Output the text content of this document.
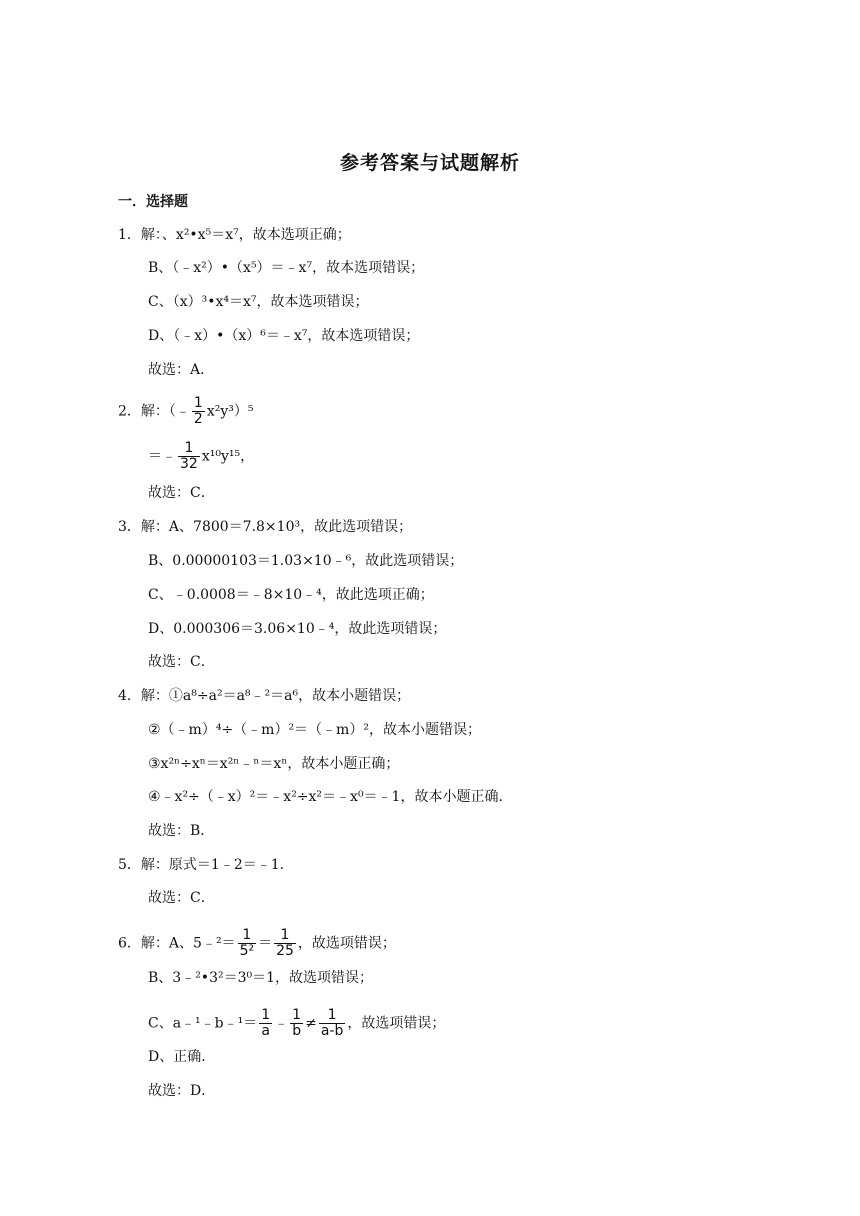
参考答案与试题解析
一．选择题
1．解：、x²•x⁵＝x⁷，故本选项正确；
B、（﹣x²）•（x⁵）＝﹣x⁷，故本选项错误；
C、（x）³•x⁴＝x⁷，故本选项错误；
D、（﹣x）•（x）⁶＝﹣x⁷，故本选项错误；
故选：A．
2．解：（﹣ $\frac{1}{2} x^2y^3)^5$
＝﹣ $\frac{1}{32} x^{10}y^{15}$，
故选：C．
3．解：A、7800＝7.8×10³，故此选项错误；
B、0.00000103＝1.03×10﹣⁶，故此选项错误；
C、﹣0.0008＝﹣8×10﹣⁴，故此选项正确；
D、0.000306＝3.06×10﹣⁴，故此选项错误；
故选：C．
4．解：①a⁸÷a²＝a⁸﹣²＝a⁶，故本小题错误；
②（﹣m）⁴÷（﹣m）²＝（﹣m）²，故本小题错误；
③x²ⁿ÷xⁿ＝x²ⁿ﹣ⁿ＝xⁿ，故本小题正确；
④﹣x²÷（﹣x）²＝﹣x²÷x²＝﹣x⁰＝﹣1，故本小题正确．
故选：B．
5．解：原式＝1﹣2＝﹣1．
故选：C．
6．解：A、5﹣²＝ $\frac{1}{\text{5²}} = \frac{1}{25}$ ，故选项错误；
B、3﹣²•3²＝3⁰＝1，故选项错误；
C、a﹣¹﹣b﹣¹＝ $\frac{1}{a}$ ﹣ $\frac{1}{b} \ne \frac{1}{a-b}$ ，故选项错误；
D、正确．
故选：D．
